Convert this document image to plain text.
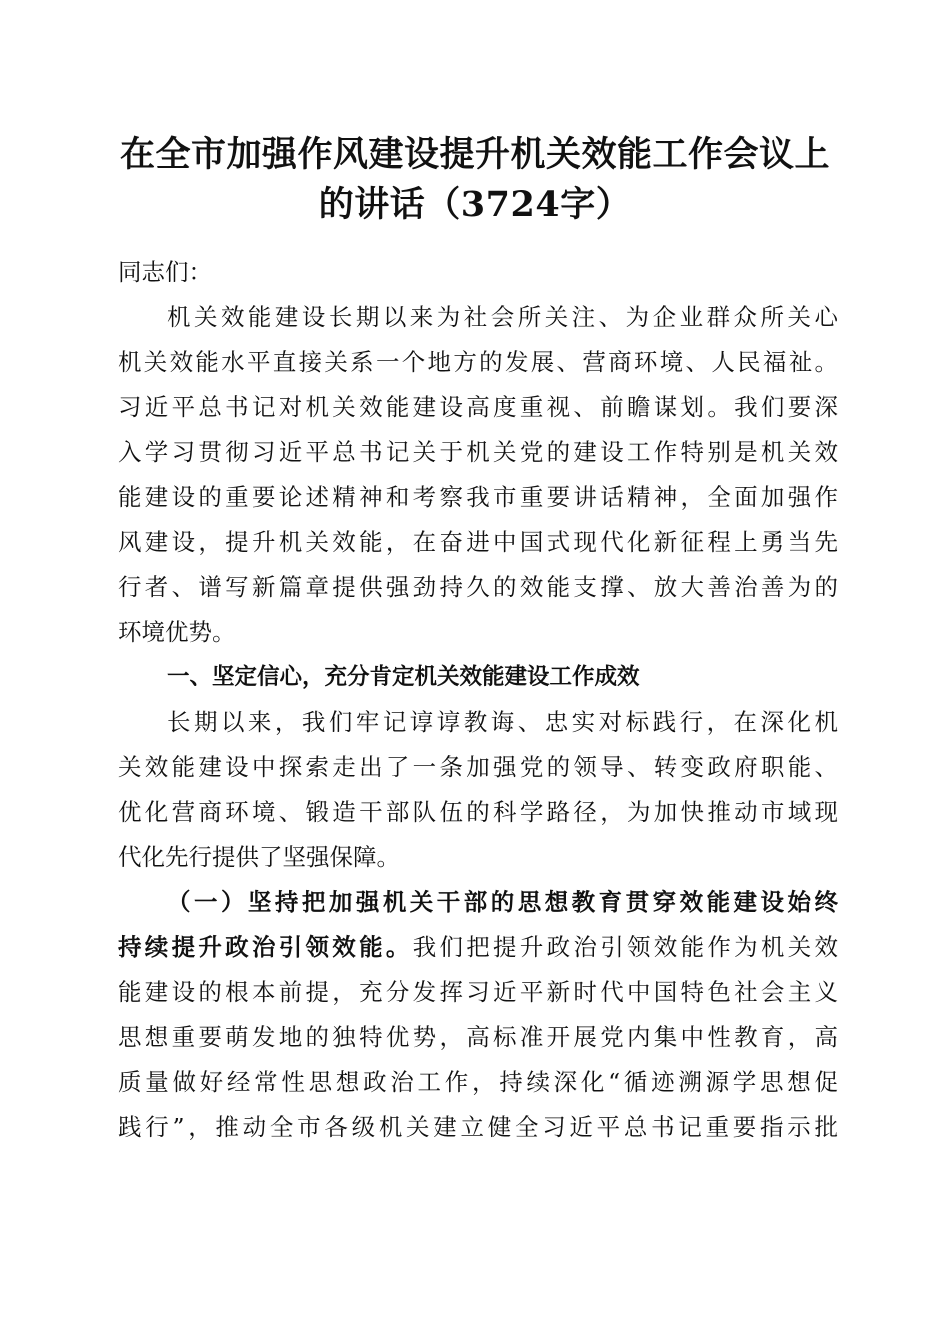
在全市加强作风建设提升机关效能工作会议上
的讲话（3724字）
同志们：
机关效能建设长期以来为社会所关注、为企业群众所关心
机关效能水平直接关系一个地方的发展、营商环境、人民福祉。
习近平总书记对机关效能建设高度重视、前瞻谋划。我们要深
入学习贯彻习近平总书记关于机关党的建设工作特别是机关效
能建设的重要论述精神和考察我市重要讲话精神，全面加强作
风建设，提升机关效能，在奋进中国式现代化新征程上勇当先
行者、谱写新篇章提供强劲持久的效能支撑、放大善治善为的
环境优势。
一、坚定信心，充分肯定机关效能建设工作成效
长期以来，我们牢记谆谆教诲、忠实对标践行，在深化机
关效能建设中探索走出了一条加强党的领导、转变政府职能、
优化营商环境、锻造干部队伍的科学路径，为加快推动市域现
代化先行提供了坚强保障。
（一）坚持把加强机关干部的思想教育贯穿效能建设始终
持续提升政治引领效能。我们把提升政治引领效能作为机关效
能建设的根本前提，充分发挥习近平新时代中国特色社会主义
思想重要萌发地的独特优势，高标准开展党内集中性教育，高
质量做好经常性思想政治工作，持续深化“循迹溯源学思想促
践行”，推动全市各级机关建立健全习近平总书记重要指示批
